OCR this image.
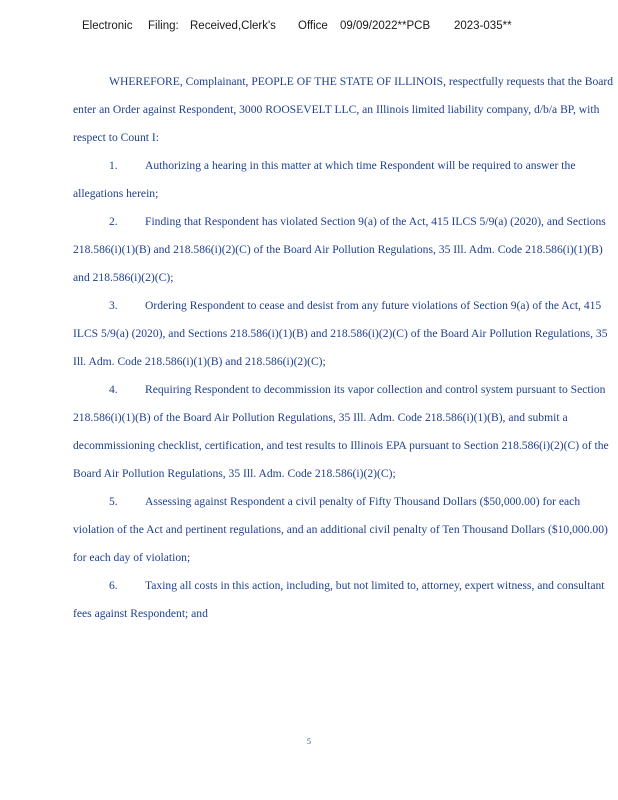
Electronic Filing: Received,Clerk's Office 09/09/2022**PCB 2023-035**

WHEREFORE, Complainant, PEOPLE OF THE STATE OF ILLINOIS, respectfully requests that the Board enter an Order against Respondent, 3000 ROOSEVELT LLC, an Illinois limited liability company, d/b/a BP, with respect to Count I:

1. Authorizing a hearing in this matter at which time Respondent will be required to answer the allegations herein;

2. Finding that Respondent has violated Section 9(a) of the Act, 415 ILCS 5/9(a) (2020), and Sections 218.586(i)(1)(B) and 218.586(i)(2)(C) of the Board Air Pollution Regulations, 35 Ill. Adm. Code 218.586(i)(1)(B) and 218.586(i)(2)(C);

3. Ordering Respondent to cease and desist from any future violations of Section 9(a) of the Act, 415 ILCS 5/9(a) (2020), and Sections 218.586(i)(1)(B) and 218.586(i)(2)(C) of the Board Air Pollution Regulations, 35 Ill. Adm. Code 218.586(i)(1)(B) and 218.586(i)(2)(C);

4. Requiring Respondent to decommission its vapor collection and control system pursuant to Section 218.586(i)(1)(B) of the Board Air Pollution Regulations, 35 Ill. Adm. Code 218.586(i)(1)(B), and submit a decommissioning checklist, certification, and test results to Illinois EPA pursuant to Section 218.586(i)(2)(C) of the Board Air Pollution Regulations, 35 Ill. Adm. Code 218.586(i)(2)(C);

5. Assessing against Respondent a civil penalty of Fifty Thousand Dollars ($50,000.00) for each violation of the Act and pertinent regulations, and an additional civil penalty of Ten Thousand Dollars ($10,000.00) for each day of violation;

6. Taxing all costs in this action, including, but not limited to, attorney, expert witness, and consultant fees against Respondent; and

5
